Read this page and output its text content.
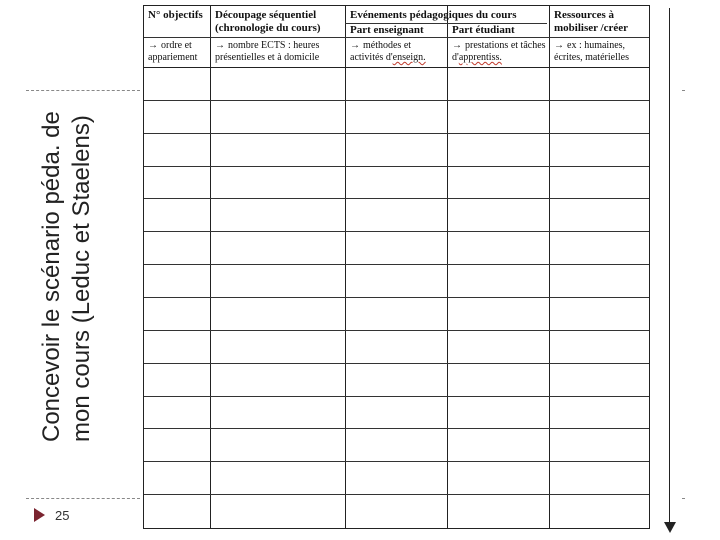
Concevoir le scénario péda. de mon cours (Leduc et Staelens)
25
N° objectifs	Découpage séquentiel (chronologie du cours)
Evénements pédagogiques du cours
Part enseignant	Part étudiant
Ressources à mobiliser /créer
→ ordre et appariement
→ nombre ECTS : heures présentielles et à domicile
→ méthodes et activités d'enseign.
→ prestations et tâches d'apprentiss.
→ ex : humaines, écrites, matérielles
